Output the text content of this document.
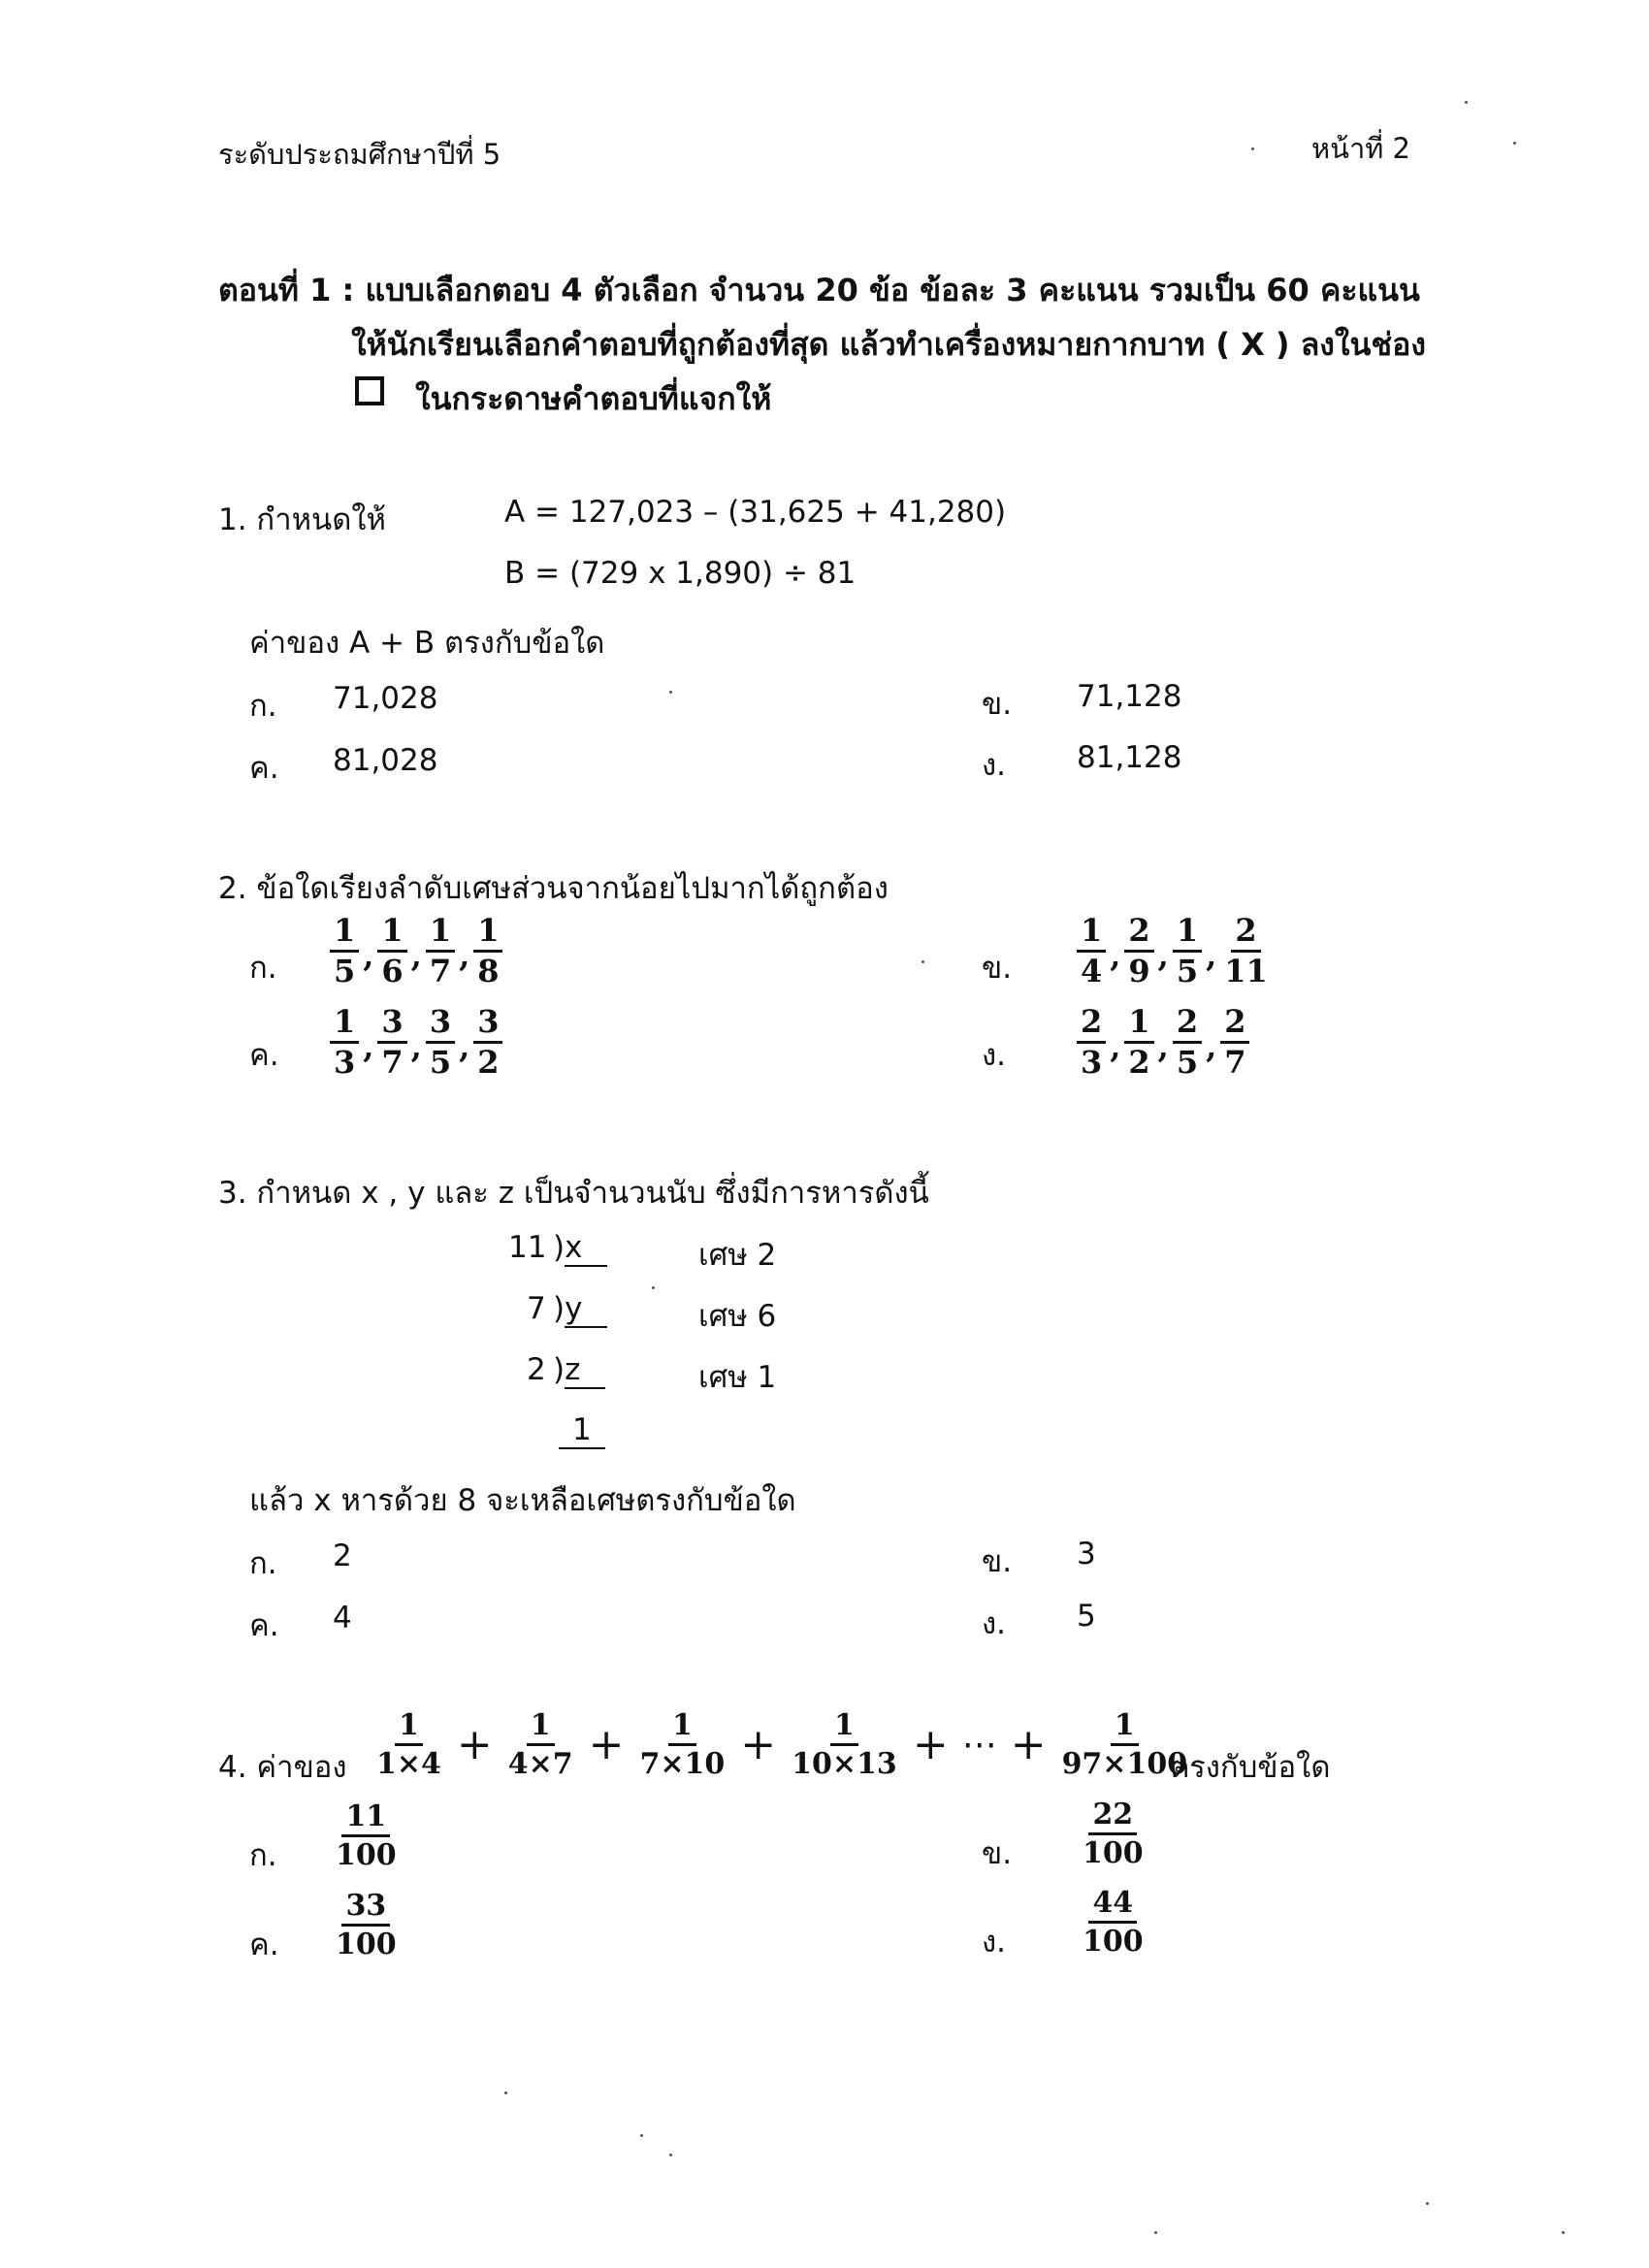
ระดับประถมศึกษาปีที่ 5	หน้าที่ 2
ตอนที่ 1 : แบบเลือกตอบ 4 ตัวเลือก จำนวน 20 ข้อ ข้อละ 3 คะแนน รวมเป็น 60 คะแนน
ให้นักเรียนเลือกคำตอบที่ถูกต้องที่สุด แล้วทำเครื่องหมายกากบาท ( X ) ลงในช่อง
ในกระดาษคำตอบที่แจกให้
1. กำหนดให้	A = 127,023 – (31,625 + 41,280)
B = (729 x 1,890) ÷ 81
ค่าของ A + B ตรงกับข้อใด
ก. 71,028	ข. 71,128
ค. 81,028	ง. 81,128
2. ข้อใดเรียงลำดับเศษส่วนจากน้อยไปมากได้ถูกต้อง
ก. $\frac{1}{5}$ , $\frac{1}{6}$ , $\frac{1}{7}$ , $\frac{1}{8}$	ข. $\frac{1}{4}$ , $\frac{2}{9}$ , $\frac{1}{5}$ , $\frac{2}{11}$
ค. $\frac{1}{3}$ , $\frac{3}{7}$ , $\frac{3}{5}$ , $\frac{3}{2}$	ง. $\frac{2}{3}$ , $\frac{1}{2}$ , $\frac{2}{5}$ , $\frac{2}{7}$
3. กำหนด x , y และ z เป็นจำนวนนับ ซึ่งมีการหารดังนี้
11 )x	เศษ 2
7 )y	เศษ 6
2 )z	เศษ 1
1
แล้ว x หารด้วย 8 จะเหลือเศษตรงกับข้อใด
ก. 2	ข. 3
ค. 4	ง. 5
4. ค่าของ $\frac{1}{1\times 4} + \frac{1}{4\times 7} + \frac{1}{7\times 10} + \frac{1}{10\times 13}$ + ⋯ + $\frac{1}{97\times 100}$
ตรงกับข้อใด
ก. $\frac{11}{100}$	ข. $\frac{22}{100}$
ค. $\frac{33}{100}$	ง.	$\frac{44}{100}$
